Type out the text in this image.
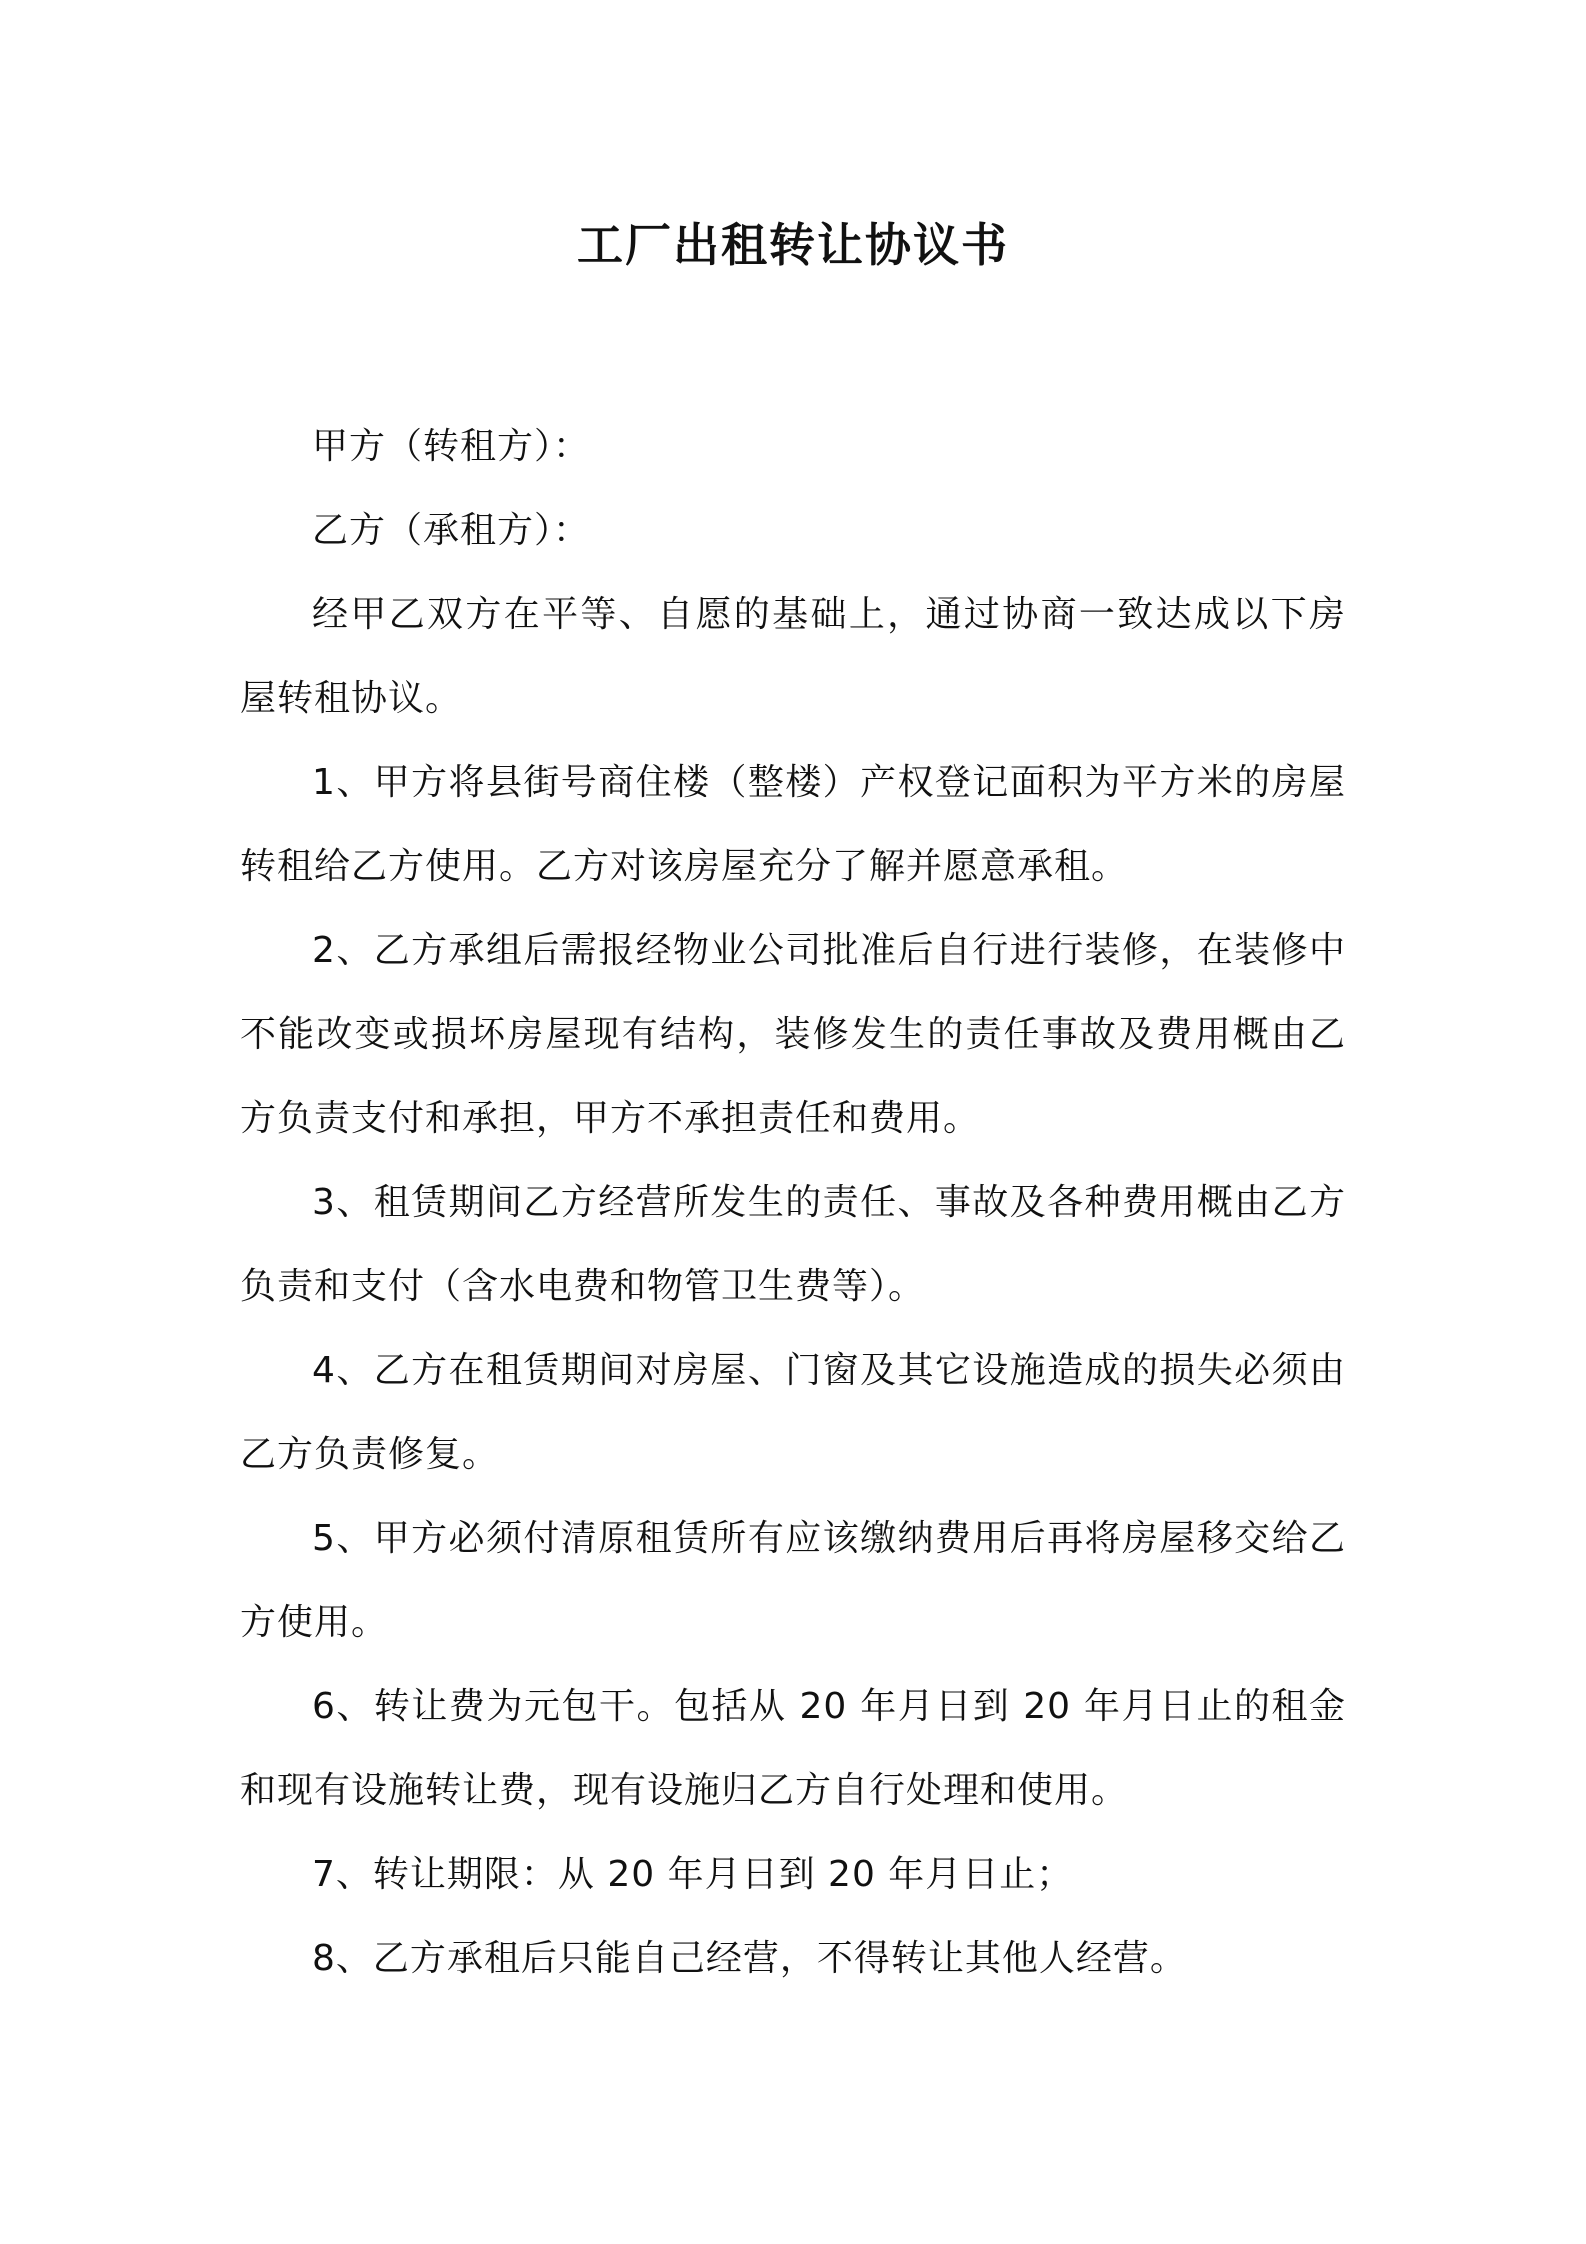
工厂出租转让协议书

甲方（转租方）：

乙方（承租方）：

经甲乙双方在平等、自愿的基础上，通过协商一致达成以下房屋转租协议。

1、甲方将县街号商住楼（整楼）产权登记面积为平方米的房屋转租给乙方使用。乙方对该房屋充分了解并愿意承租。

2、乙方承组后需报经物业公司批准后自行进行装修，在装修中不能改变或损坏房屋现有结构，装修发生的责任事故及费用概由乙方负责支付和承担，甲方不承担责任和费用。

3、租赁期间乙方经营所发生的责任、事故及各种费用概由乙方负责和支付（含水电费和物管卫生费等）。

4、乙方在租赁期间对房屋、门窗及其它设施造成的损失必须由乙方负责修复。

5、甲方必须付清原租赁所有应该缴纳费用后再将房屋移交给乙方使用。

6、转让费为元包干。包括从 20 年月日到 20 年月日止的租金和现有设施转让费，现有设施归乙方自行处理和使用。

7、转让期限：从 20 年月日到 20 年月日止；

8、乙方承租后只能自己经营，不得转让其他人经营。
